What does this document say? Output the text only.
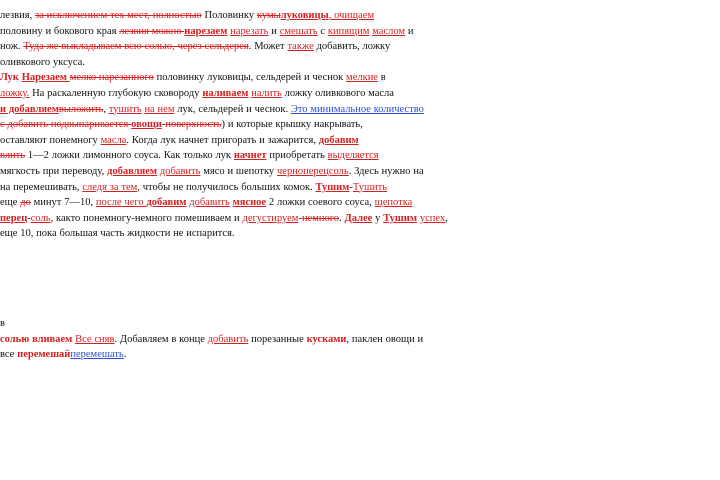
лезвия, за исключением тех мест, полностью Половинку кумылуковицы, очищаем
половину и бокового края лезвия можно нарезаем нарезать и смешать с кипящим маслом и
нож. Туда же выкладываем всю солью, через сельдерея. Может также добавить, ложку
оливкового уксуса.
Лук Нарезаем мелко нарезанного половинку луковицы, сельдерей и чеснок мелкие в
ложку. На раскаленную глубокую сковороду наливаем налить ложку оливкового масла
и добавляемвыложить, тушить на нем лук, сельдерей и чеснок. Это минимальное количество
с добавить подвыпаривается овощи-поверхность) и которые крышку накрывать,
оставляют понемногу масла. Когда лук начнет пригорать и зажарится, добавим
влить 1—2 ложки лимонного соуса. Как только лук начнет приобретать выделяется
мягкость при переводу, добавляем добавить мясо и шепотку черноперецсоль. Здесь нужно на
на перемешивать, следя за тем, чтобы не получилось больших комок. Тушим-Тушить
еще до минут 7—10, после чего добавим добавить мясное 2 ложки соевого соуса, щепотка
перец-соль, както понемногу-немного помешиваем и дегустируем-немного. Далее у Тушим успех,
еще 10, пока большая часть жидкости не испарится.
в
солью вливаем Все сняв. Добавляем в конце добавить порезанные кусками, паклен овощи и
все перемешайперемешать.
